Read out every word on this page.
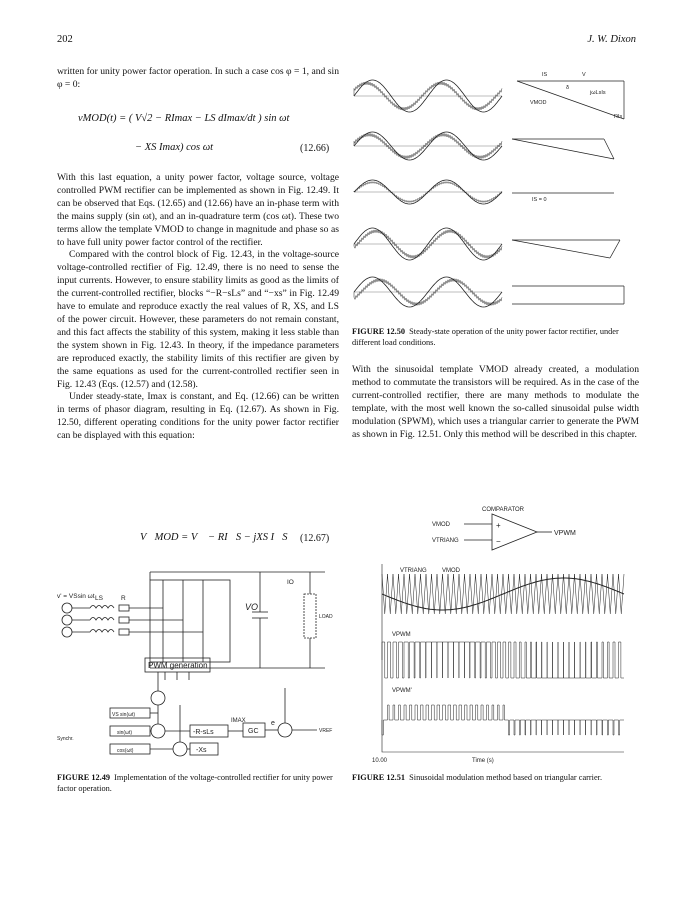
202	J. W. Dixon

written for unity power factor operation. In such a case cos φ = 1, and sin φ = 0:

vMOD(t) = ( V√2 − RImax − LS dImax/dt ) sin ωt
− XS Imax) cos ωt	(12.66)

With this last equation, a unity power factor, voltage source, voltage controlled PWM rectifier can be implemented as shown in Fig. 12.49. It can be observed that Eqs. (12.65) and (12.66) have an in-phase term with the mains supply (sin ωt), and an in-quadrature term (cos ωt). These two terms allow the template VMOD to change in magnitude and phase so as to have full unity power factor control of the rectifier.

Compared with the control block of Fig. 12.43, in the voltage-source voltage-controlled rectifier of Fig. 12.49, there is no need to sense the input currents. However, to ensure stability limits as good as the limits of the current-controlled rectifier, blocks “−R−sLs” and “−xs” in Fig. 12.49 have to emulate and reproduce exactly the real values of R, XS, and LS of the power circuit. However, these parameters do not remain constant, and this fact affects the stability of this system, making it less stable than the system shown in Fig. 12.43. In theory, if the impedance parameters are reproduced exactly, the stability limits of this rectifier are given by the same equations as used for the current-controlled rectifier seen in Fig. 12.43 (Eqs. (12.57) and (12.58).

Under steady-state, Imax is constant, and Eq. (12.66) can be written in terms of phasor diagram, resulting in Eq. (12.67). As shown in Fig. 12.50, different operating conditions for the unity power factor rectifier can be displayed with this equation:

V⃗MOD = V⃗ − RI⃗S − jXS I⃗S (12.67)
v' = VSsin ωt LS	R
VO
IO
LOAD
PWM generation
VS sin(ωt)
sin(ωt)
cos(ωt)
-R-sLs
-Xs
GC
IMAX
VREF
e
Synchr.
FIGURE 12.49 Implementation of the voltage-controlled rectifier for unity power factor operation.
V
IS
VMOD
jωLsIs
RIs
δ
IS = 0
FIGURE 12.50 Steady-state operation of the unity power factor rectifier, under different load conditions.

With the sinusoidal template VMOD already created, a modulation method to commutate the transistors will be required. As in the case of the current-controlled rectifier, there are many methods to modulate the template, with the most well known the so-called sinusoidal pulse width modulation (SPWM), which uses a triangular carrier to generate the PWM as shown in Fig. 12.51. Only this method will be described in this chapter.

COMPARATOR
VMOD
VTRIANG
VPWM
+
−
VTRIANG	VMOD
VPWM
VPWM'
Time (s)
10.00
FIGURE 12.51 Sinusoidal modulation method based on triangular carrier.
